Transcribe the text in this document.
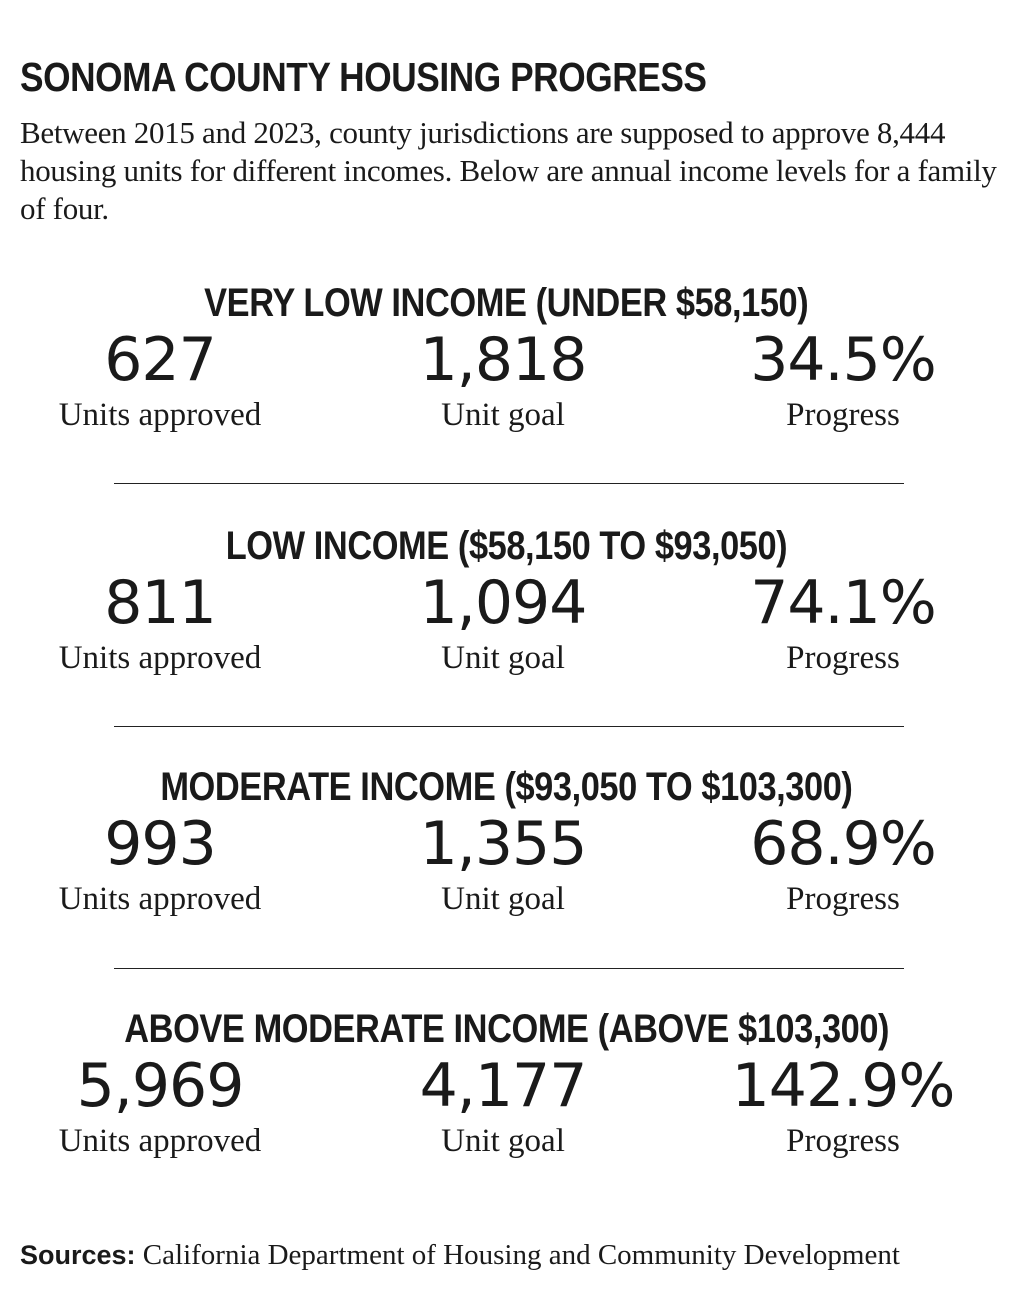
SONOMA COUNTY HOUSING PROGRESS

Between 2015 and 2023, county jurisdictions are supposed to approve 8,444 housing units for different incomes. Below are annual income levels for a family of four.

VERY LOW INCOME (UNDER $58,150)
627
Units approved
1,818
Unit goal
34.5%
Progress
LOW INCOME ($58,150 TO $93,050)
811
Units approved
1,094
Unit goal
74.1%
Progress
MODERATE INCOME ($93,050 TO $103,300)
993
Units approved
1,355
Unit goal
68.9%
Progress
ABOVE MODERATE INCOME (ABOVE $103,300)
5,969
Units approved
4,177
Unit goal
142.9%
Progress
Sources: California Department of Housing and Community Development
